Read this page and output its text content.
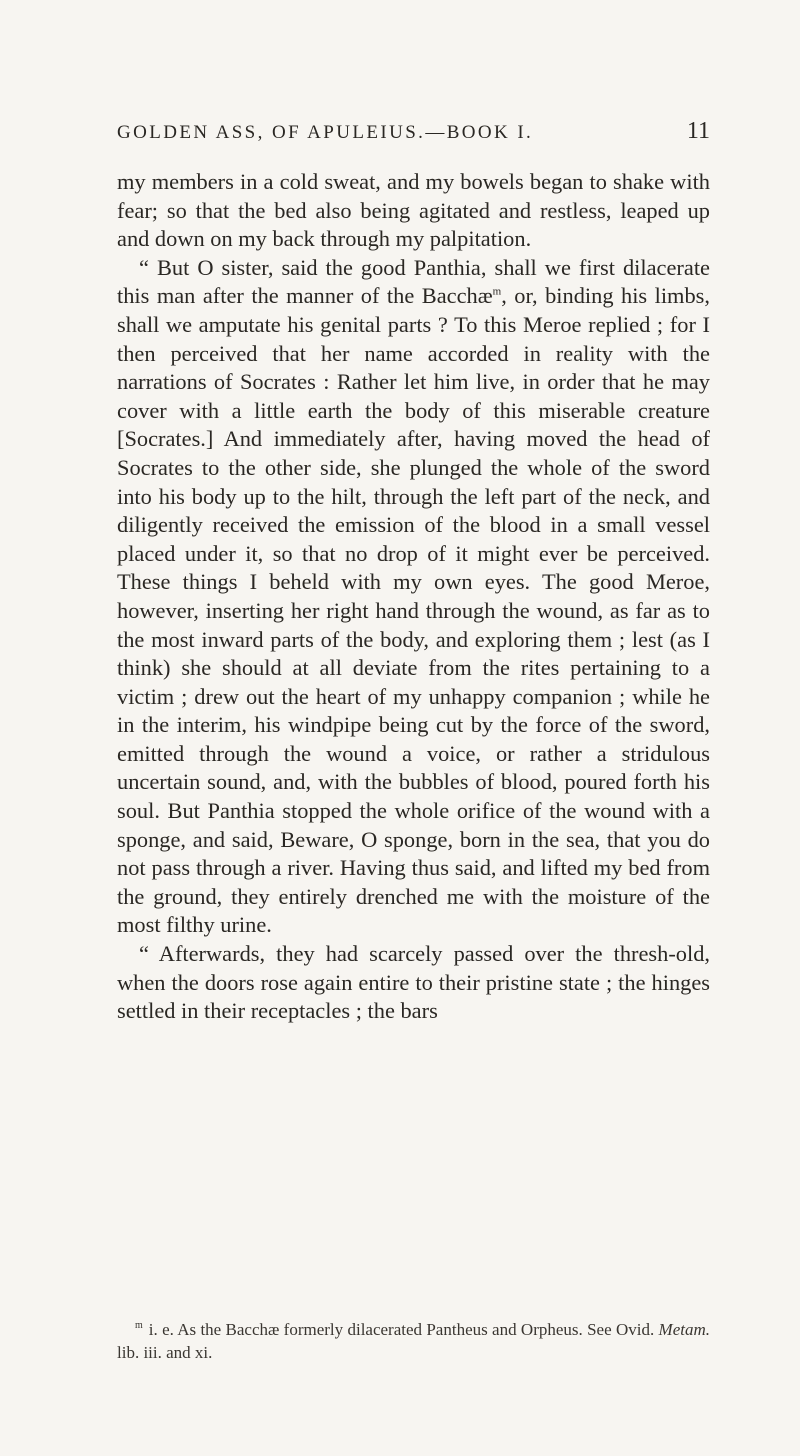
GOLDEN ASS, OF APULEIUS.—BOOK I.	11

my members in a cold sweat, and my bowels began to shake with fear; so that the bed also being agitated and restless, leaped up and down on my back through my palpitation.

“ But O sister, said the good Panthia, shall we first dilacerate this man after the manner of the Bacchæ$^m$, or, binding his limbs, shall we amputate his genital parts ? To this Meroe replied ; for I then perceived that her name accorded in reality with the narrations of Socrates : Rather let him live, in order that he may cover with a little earth the body of this miserable creature [Socrates.] And immediately after, having moved the head of Socrates to the other side, she plunged the whole of the sword into his body up to the hilt, through the left part of the neck, and diligently received the emission of the blood in a small vessel placed under it, so that no drop of it might ever be perceived. These things I beheld with my own eyes. The good Meroe, however, inserting her right hand through the wound, as far as to the most inward parts of the body, and exploring them ; lest (as I think) she should at all deviate from the rites pertaining to a victim ; drew out the heart of my unhappy companion ; while he in the interim, his windpipe being cut by the force of the sword, emitted through the wound a voice, or rather a stridulous uncertain sound, and, with the bubbles of blood, poured forth his soul. But Panthia stopped the whole orifice of the wound with a sponge, and said, Beware, O sponge, born in the sea, that you do not pass through a river. Having thus said, and lifted my bed from the ground, they entirely drenched me with the moisture of the most filthy urine.

“ Afterwards, they had scarcely passed over the thresh-old, when the doors rose again entire to their pristine state ; the hinges settled in their receptacles ; the bars

$^m$ i. e. As the Bacchæ formerly dilacerated Pantheus and Orpheus. See Ovid. Metam. lib. iii. and xi.
